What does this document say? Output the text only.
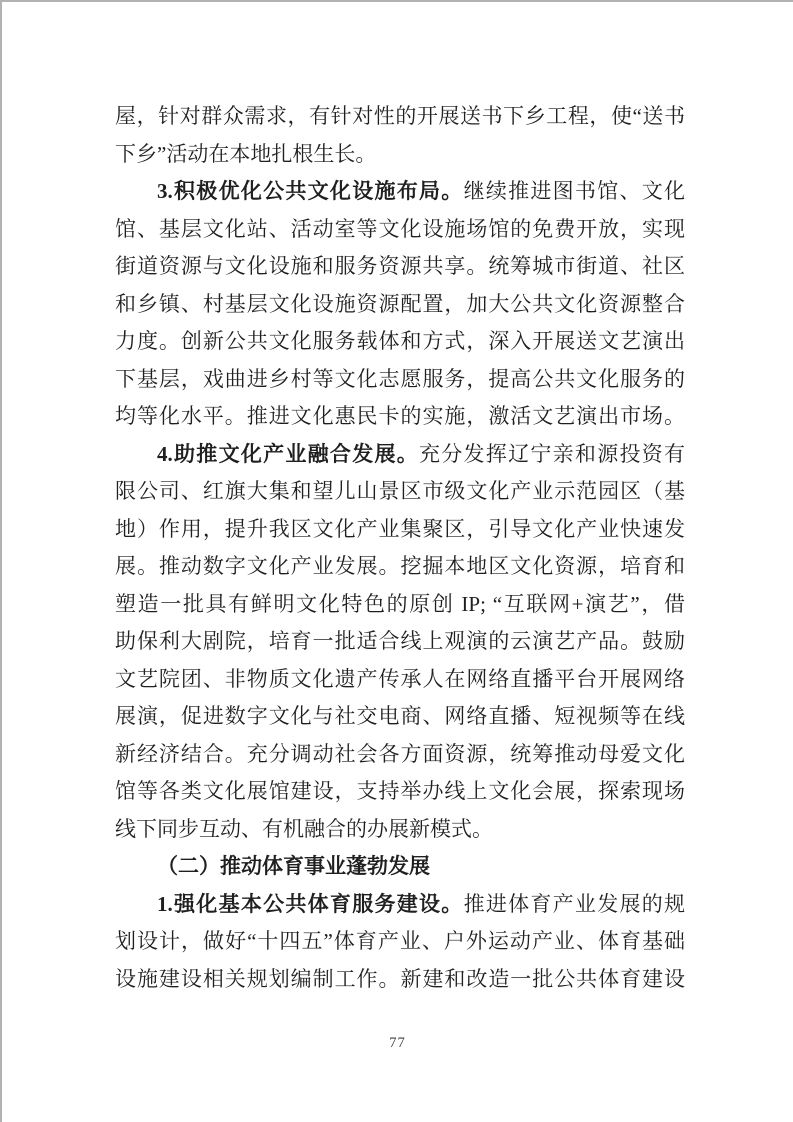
屋，针对群众需求，有针对性的开展送书下乡工程，使“送书
下乡”活动在本地扎根生长。
3.积极优化公共文化设施布局。继续推进图书馆、文化
馆、基层文化站、活动室等文化设施场馆的免费开放，实现
街道资源与文化设施和服务资源共享。统筹城市街道、社区
和乡镇、村基层文化设施资源配置，加大公共文化资源整合
力度。创新公共文化服务载体和方式，深入开展送文艺演出
下基层，戏曲进乡村等文化志愿服务，提高公共文化服务的
均等化水平。推进文化惠民卡的实施，激活文艺演出市场。
4.助推文化产业融合发展。充分发挥辽宁亲和源投资有
限公司、红旗大集和望儿山景区市级文化产业示范园区（基
地）作用，提升我区文化产业集聚区，引导文化产业快速发
展。推动数字文化产业发展。挖掘本地区文化资源，培育和
塑造一批具有鲜明文化特色的原创 IP; “互联网+演艺”，借
助保利大剧院，培育一批适合线上观演的云演艺产品。鼓励
文艺院团、非物质文化遗产传承人在网络直播平台开展网络
展演，促进数字文化与社交电商、网络直播、短视频等在线
新经济结合。充分调动社会各方面资源，统筹推动母爱文化
馆等各类文化展馆建设，支持举办线上文化会展，探索现场
线下同步互动、有机融合的办展新模式。
（二）推动体育事业蓬勃发展
1.强化基本公共体育服务建设。推进体育产业发展的规
划设计，做好“十四五”体育产业、户外运动产业、体育基础
设施建设相关规划编制工作。新建和改造一批公共体育建设
77
